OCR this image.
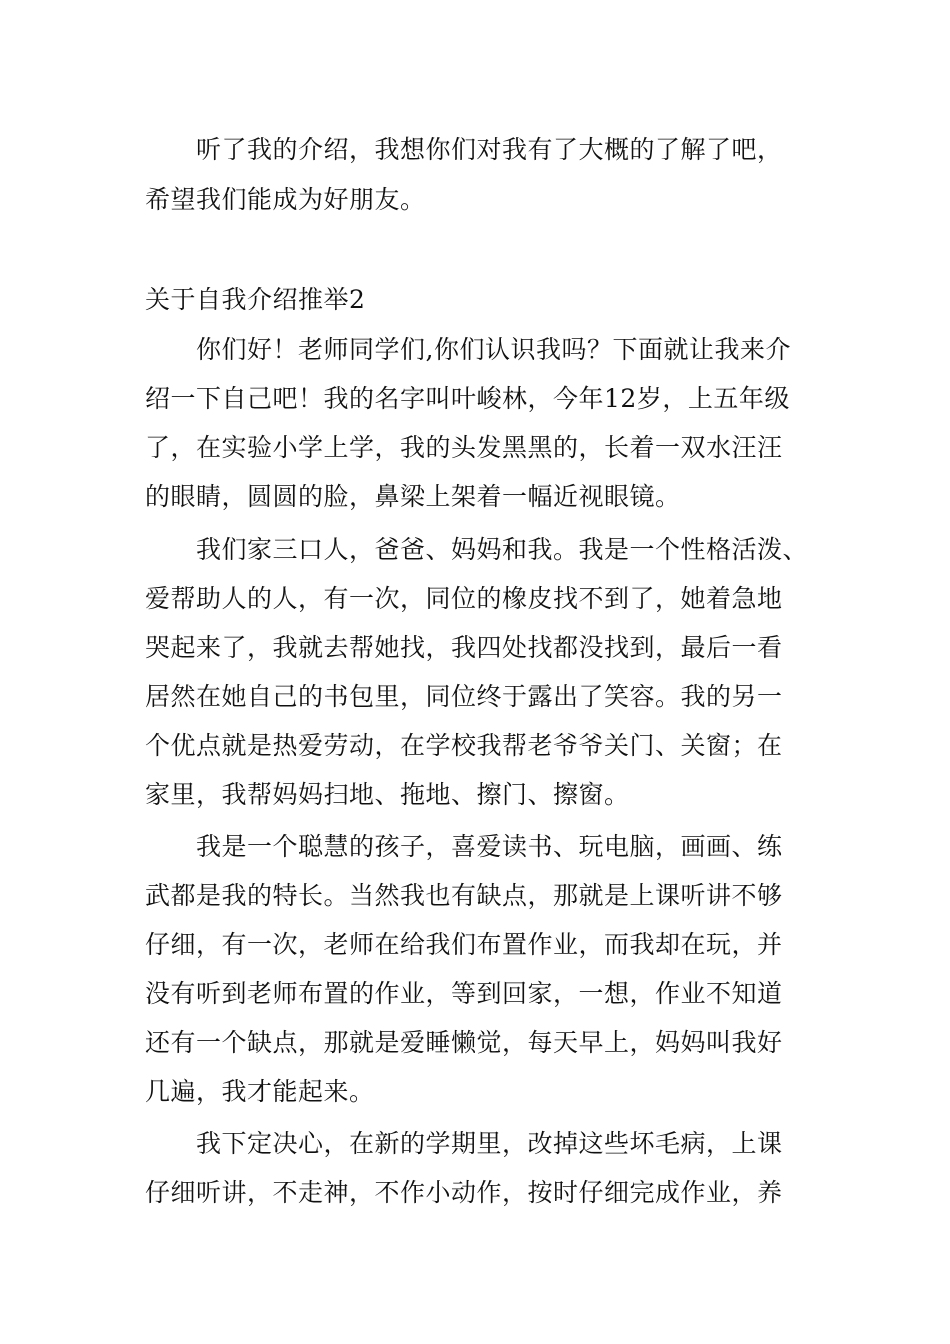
　　听了我的介绍，我想你们对我有了大概的了解了吧，
希望我们能成为好朋友。
关于自我介绍推举2
　　你们好！老师同学们,你们认识我吗？下面就让我来介
绍一下自己吧！我的名字叫叶峻林，今年12岁，上五年级
了，在实验小学上学，我的头发黑黑的，长着一双水汪汪
的眼睛，圆圆的脸，鼻梁上架着一幅近视眼镜。
　　我们家三口人，爸爸、妈妈和我。我是一个性格活泼、
爱帮助人的人，有一次，同位的橡皮找不到了，她着急地
哭起来了，我就去帮她找，我四处找都没找到，最后一看
居然在她自己的书包里，同位终于露出了笑容。我的另一
个优点就是热爱劳动，在学校我帮老爷爷关门、关窗；在
家里，我帮妈妈扫地、拖地、擦门、擦窗。
　　我是一个聪慧的孩子，喜爱读书、玩电脑，画画、练
武都是我的特长。当然我也有缺点，那就是上课听讲不够
仔细，有一次，老师在给我们布置作业，而我却在玩，并
没有听到老师布置的作业，等到回家，一想，作业不知道
还有一个缺点，那就是爱睡懒觉，每天早上，妈妈叫我好
几遍，我才能起来。
　　我下定决心，在新的学期里，改掉这些坏毛病，上课
仔细听讲，不走神，不作小动作，按时仔细完成作业，养
